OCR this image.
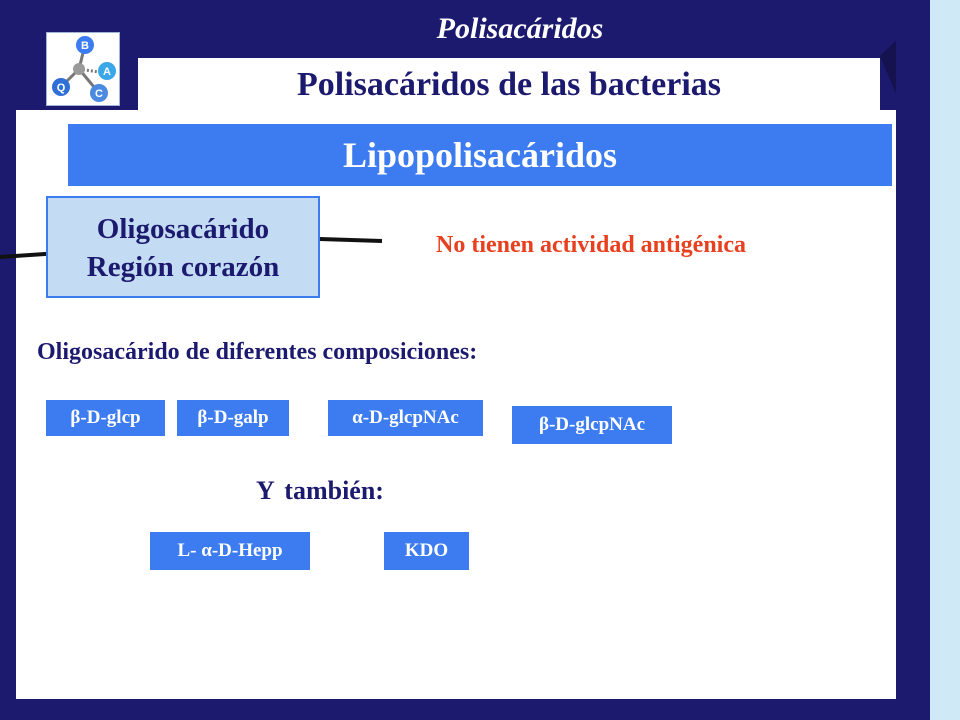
B
A
C
Q
Polisacáridos
Polisacáridos de las bacterias
Lipopolisacáridos
Oligosacárido
Región corazón
No tienen actividad antigénica
Oligosacárido de diferentes composiciones:
β-D-glcp	β-D-galp	α-D-glcpNAc	β-D-glcpNAc
Y también:
L- α-D-Hepp	KDO
